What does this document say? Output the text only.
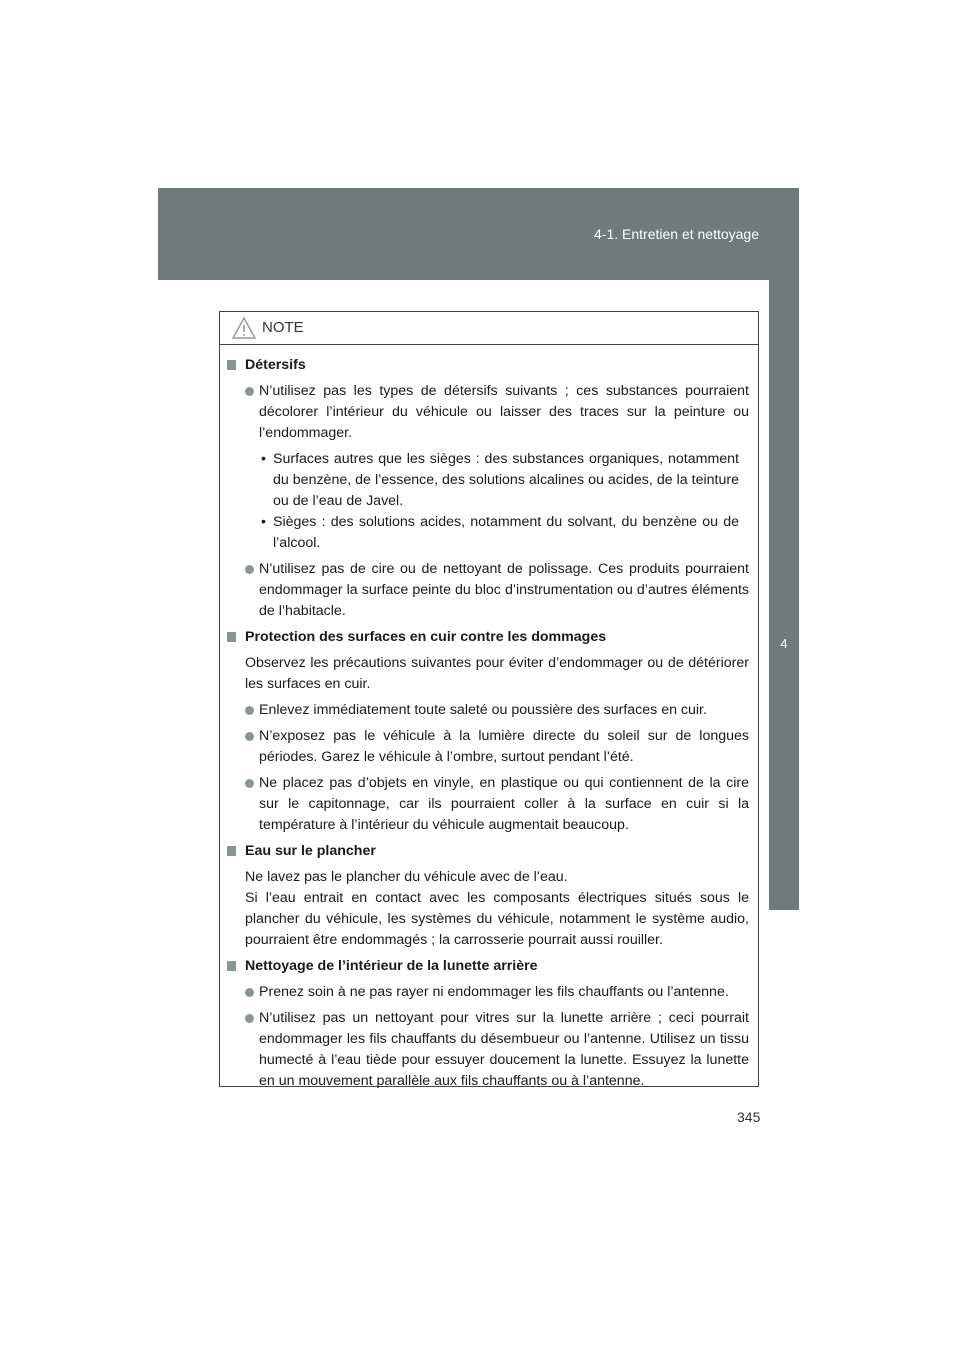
4-1. Entretien et nettoyage
4
Entretien et nettoyage
NOTE
Détersifs
N’utilisez pas les types de détersifs suivants ; ces substances pourraient décolorer l’intérieur du véhicule ou laisser des traces sur la peinture ou l’endommager.
• Surfaces autres que les sièges : des substances organiques, notamment du benzène, de l’essence, des solutions alcalines ou acides, de la teinture ou de l’eau de Javel.
• Sièges : des solutions acides, notamment du solvant, du benzène ou de l’alcool.
N’utilisez pas de cire ou de nettoyant de polissage. Ces produits pourraient endommager la surface peinte du bloc d’instrumentation ou d’autres éléments de l’habitacle.
Protection des surfaces en cuir contre les dommages
Observez les précautions suivantes pour éviter d’endommager ou de détériorer les surfaces en cuir.
Enlevez immédiatement toute saleté ou poussière des surfaces en cuir.
N’exposez pas le véhicule à la lumière directe du soleil sur de longues périodes. Garez le véhicule à l’ombre, surtout pendant l’été.
Ne placez pas d’objets en vinyle, en plastique ou qui contiennent de la cire sur le capitonnage, car ils pourraient coller à la surface en cuir si la température à l’intérieur du véhicule augmentait beaucoup.
Eau sur le plancher
Ne lavez pas le plancher du véhicule avec de l’eau.
Si l’eau entrait en contact avec les composants électriques situés sous le plancher du véhicule, les systèmes du véhicule, notamment le système audio, pourraient être endommagés ; la carrosserie pourrait aussi rouiller.
Nettoyage de l’intérieur de la lunette arrière
Prenez soin à ne pas rayer ni endommager les fils chauffants ou l’antenne.
N’utilisez pas un nettoyant pour vitres sur la lunette arrière ; ceci pourrait endommager les fils chauffants du désembueur ou l’antenne. Utilisez un tissu humecté à l’eau tiède pour essuyer doucement la lunette. Essuyez la lunette en un mouvement parallèle aux fils chauffants ou à l’antenne.
345
